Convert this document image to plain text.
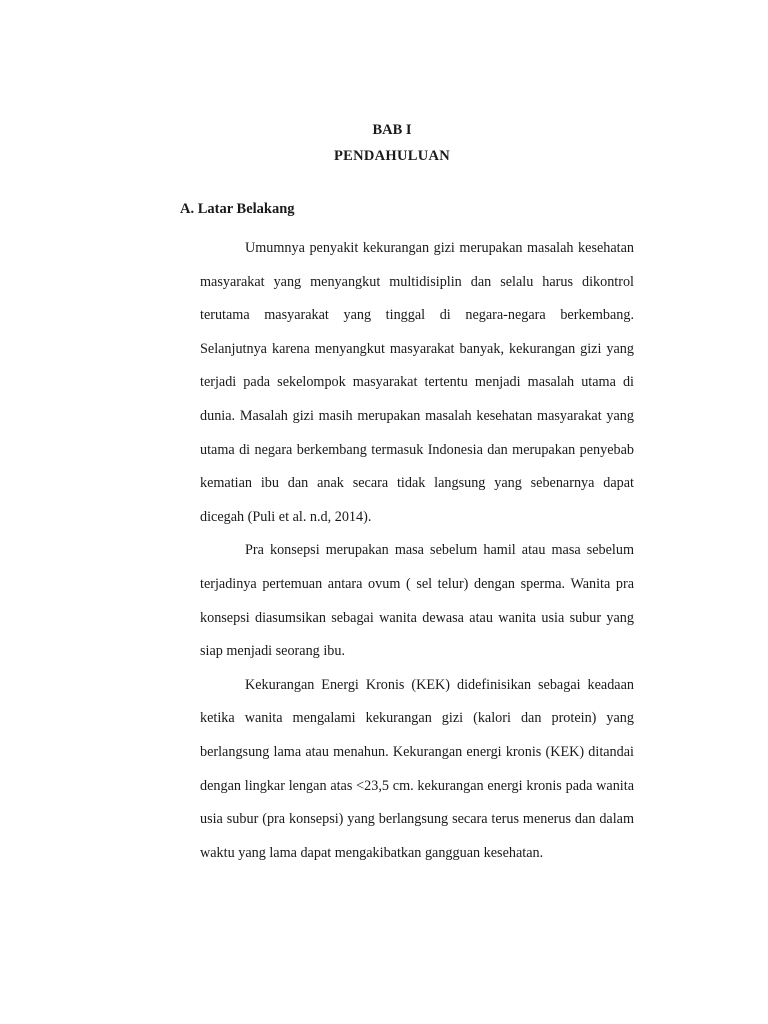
BAB I
PENDAHULUAN
A. Latar Belakang

Umumnya penyakit kekurangan gizi merupakan masalah kesehatan masyarakat yang menyangkut multidisiplin dan selalu harus dikontrol terutama masyarakat yang tinggal di negara-negara berkembang. Selanjutnya karena menyangkut masyarakat banyak, kekurangan gizi yang terjadi pada sekelompok masyarakat tertentu menjadi masalah utama di dunia. Masalah gizi masih merupakan masalah kesehatan masyarakat yang utama di negara berkembang termasuk Indonesia dan merupakan penyebab kematian ibu dan anak secara tidak langsung yang sebenarnya dapat dicegah (Puli et al. n.d, 2014).

Pra konsepsi merupakan masa sebelum hamil atau masa sebelum terjadinya pertemuan antara ovum ( sel telur) dengan sperma. Wanita pra konsepsi diasumsikan sebagai wanita dewasa atau wanita usia subur yang siap menjadi seorang ibu.

Kekurangan Energi Kronis (KEK) didefinisikan sebagai keadaan ketika wanita mengalami kekurangan gizi (kalori dan protein) yang berlangsung lama atau menahun. Kekurangan energi kronis (KEK) ditandai dengan lingkar lengan atas <23,5 cm. kekurangan energi kronis pada wanita usia subur (pra konsepsi) yang berlangsung secara terus menerus dan dalam waktu yang lama dapat mengakibatkan gangguan kesehatan.
